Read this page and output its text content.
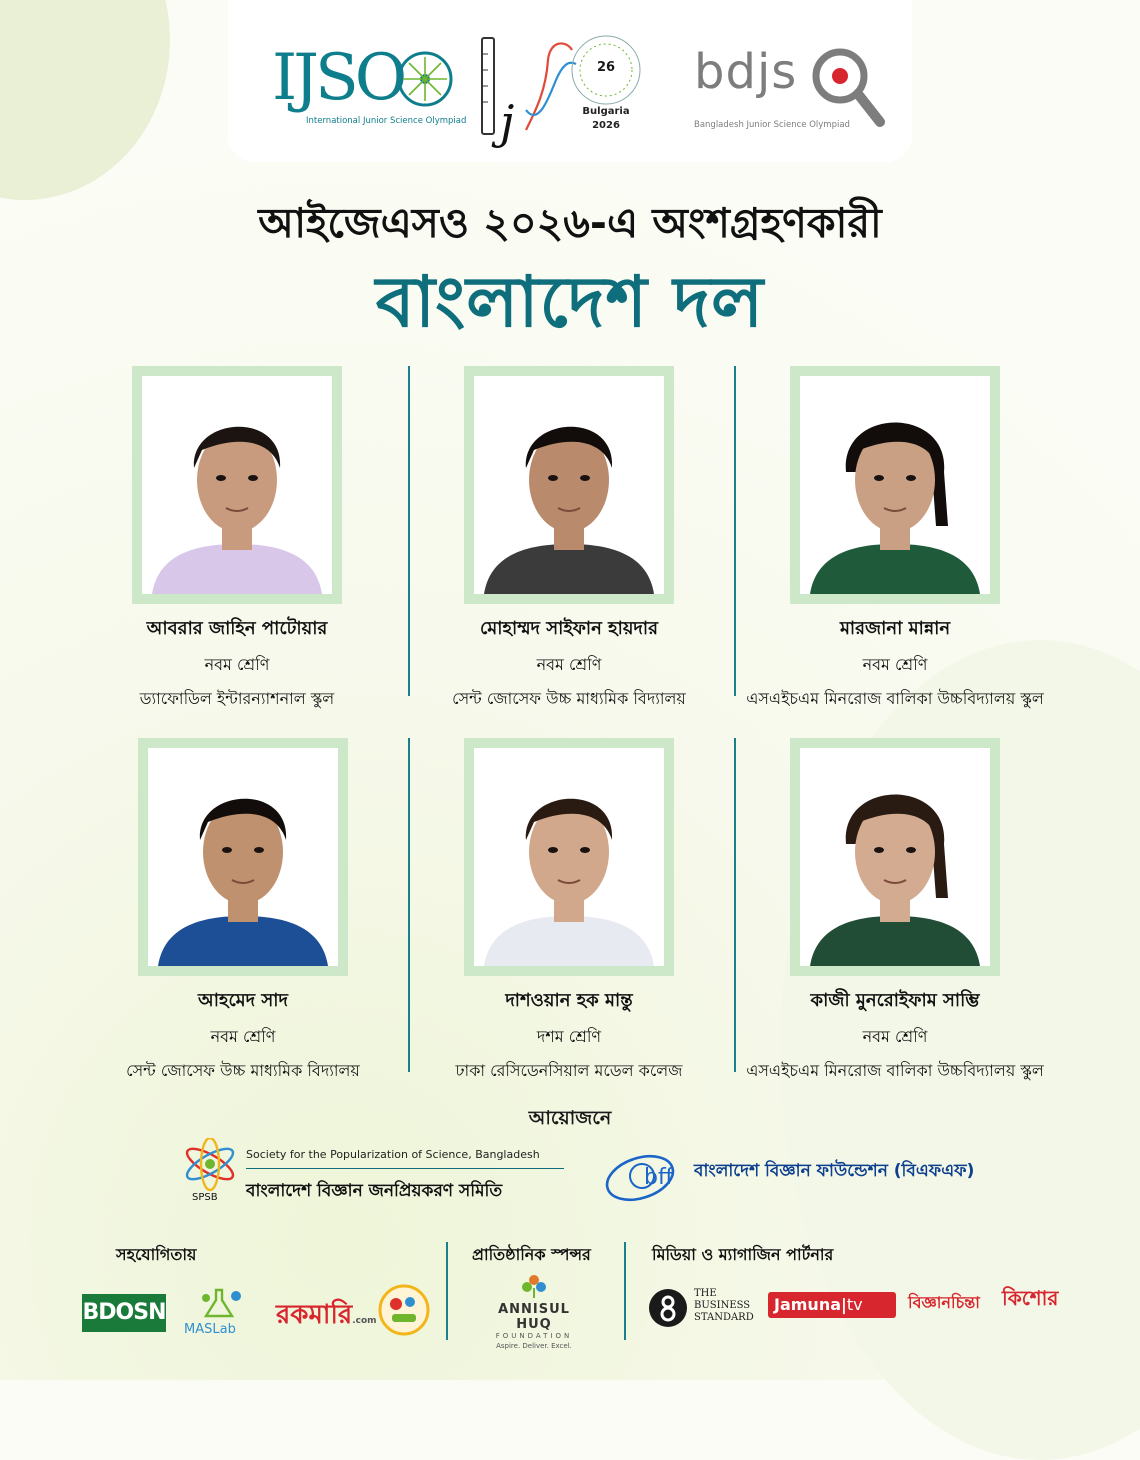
IJSO
International Junior Science Olympiad j
26
Bulgaria
2026
bdjs
Bangladesh Junior Science Olympiad
আইজেএসও ২০২৬-এ অংশগ্রহণকারী
বাংলাদেশ দল
আবরার জাহিন পাটোয়ার
নবম শ্রেণি
ড্যাফোডিল ইন্টারন্যাশনাল স্কুল
মোহাম্মদ সাইফান হায়দার
নবম শ্রেণি
সেন্ট জোসেফ উচ্চ মাধ্যমিক বিদ্যালয়
মারজানা মান্নান
নবম শ্রেণি
এসএইচএম মিনরোজ বালিকা উচ্চবিদ্যালয় স্কুল
আহমেদ সাদ
নবম শ্রেণি
সেন্ট জোসেফ উচ্চ মাধ্যমিক বিদ্যালয়
দাশওয়ান হক মান্তু
দশম শ্রেণি
ঢাকা রেসিডেনসিয়াল মডেল কলেজ
কাজী মুনরোইফাম সাম্ভি
নবম শ্রেণি
এসএইচএম মিনরোজ বালিকা উচ্চবিদ্যালয় স্কুল
আয়োজনে
SPSB
Society for the Popularization of Science, Bangladesh
বাংলাদেশ বিজ্ঞান জনপ্রিয়করণ সমিতি
bff বাংলাদেশ বিজ্ঞান ফাউন্ডেশন (বিএফএফ)
সহযোগিতায়	প্রাতিষ্ঠানিক স্পন্সর	মিডিয়া ও ম্যাগাজিন পার্টনার
BDOSN
MASLab রকমারি.com
ANNISUL HUQ
FOUNDATION
Aspire. Deliver. Excel.
THE
BUSINESS
STANDARD
Jamuna|tv	বিজ্ঞানচিন্তা কিশোর
